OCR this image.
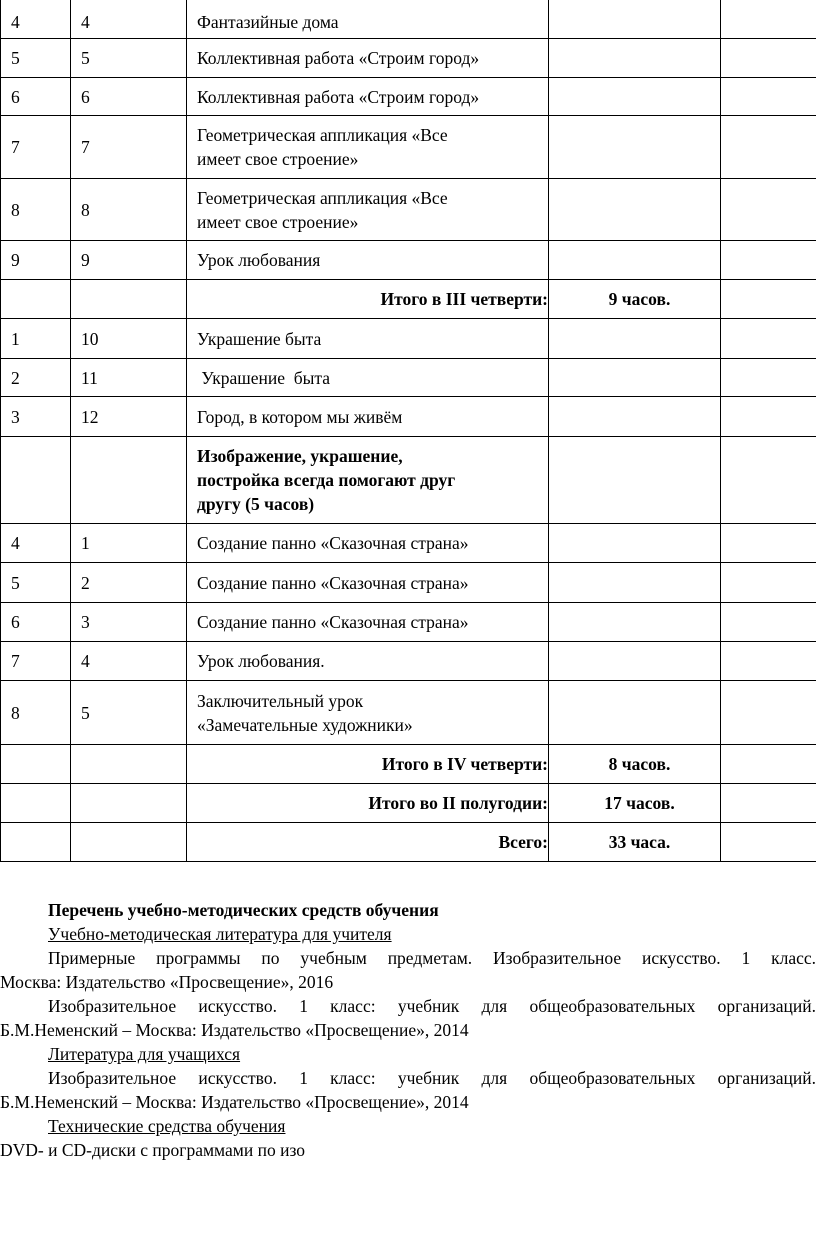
4	4	Фантазийные дома		
5	5	Коллективная работа «Строим город»		
6	6	Коллективная работа «Строим город»		
7	7	Геометрическая аппликация «Все
имеет свое строение»		

8	8	Геометрическая аппликация «Все
имеет свое строение»		

9	9	Урок любования		
		Итого в III четверти:	9 часов.	
1	10	Украшение быта		
2	11	Украшение  быта		
3	12	Город, в котором мы живём		

		Изображение, украшение,
постройка всегда помогают друг
другу (5 часов)		

4	1	Создание панно «Сказочная страна»		
5	2	Создание панно «Сказочная страна»		
6	3	Создание панно «Сказочная страна»		
7	4	Урок любования.		
8	5	Заключительный урок
«Замечательные художники»		

		Итого в IV четверти:	8 часов.	
		Итого во II полугодии:	17 часов.	
		Всего:	33 часа.	

Перечень учебно-методических средств обучения

Учебно-методическая литература для учителя

Примерные программы по учебным предметам. Изобразительное искусство. 1 класс.

Москва: Издательство «Просвещение», 2016

Изобразительное искусство. 1 класс: учебник для общеобразовательных организаций.

Б.М.Неменский – Москва: Издательство «Просвещение», 2014

Литература для учащихся

Изобразительное искусство. 1 класс: учебник для общеобразовательных организаций.

Б.М.Неменский – Москва: Издательство «Просвещение», 2014

Технические средства обучения

DVD- и CD-диски с программами по изо
